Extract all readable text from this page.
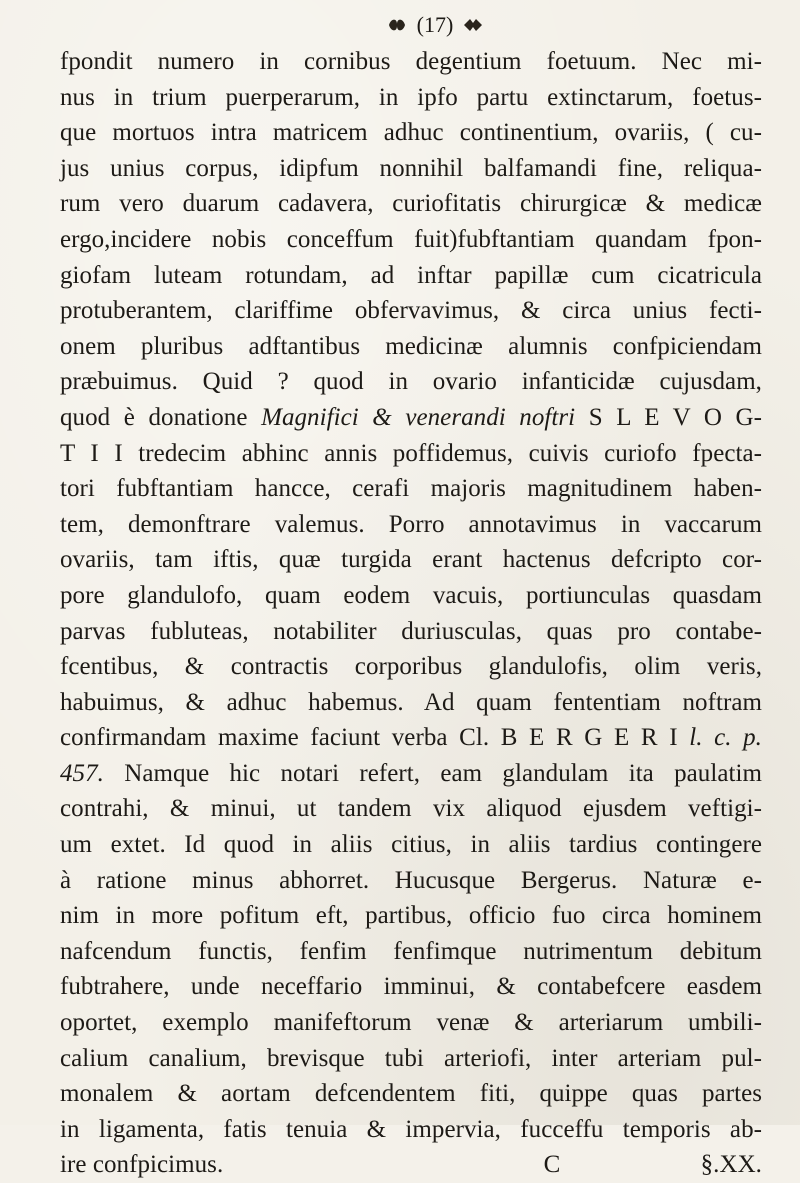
(17)
fpondit numero in cornibus degentium foetuum. Nec mi-
nus in trium puerperarum, in ipfo partu extinctarum, foetus-
que mortuos intra matricem adhuc continentium, ovariis, ( cu-
jus unius corpus, idipfum nonnihil balfamandi fine, reliqua-
rum vero duarum cadavera, curiofitatis chirurgicæ & medicæ
ergo,incidere nobis conceffum fuit)fubftantiam quandam fpon-
giofam luteam rotundam, ad inftar papillæ cum cicatricula
protuberantem, clariffime obfervavimus, & circa unius fecti-
onem pluribus adftantibus medicinæ alumnis confpiciendam
præbuimus. Quid ? quod in ovario infanticidæ cujusdam,
quod è donatione Magnifici & venerandi noftri S L E V O G-
T I I tredecim abhinc annis poffidemus, cuivis curiofo fpecta-
tori fubftantiam hancce, cerafi majoris magnitudinem haben-
tem, demonftrare valemus. Porro annotavimus in vaccarum
ovariis, tam iftis, quæ turgida erant hactenus defcripto cor-
pore glandulofo, quam eodem vacuis, portiunculas quasdam
parvas fubluteas, notabiliter duriusculas, quas pro contabe-
fcentibus, & contractis corporibus glandulofis, olim veris,
habuimus, & adhuc habemus. Ad quam fententiam noftram
confirmandam maxime faciunt verba Cl. B E R G E R I l. c. p.
457. Namque hic notari refert, eam glandulam ita paulatim
contrahi, & minui, ut tandem vix aliquod ejusdem veftigi-
um extet. Id quod in aliis citius, in aliis tardius contingere
à ratione minus abhorret. Hucusque Bergerus. Naturæ e-
nim in more pofitum eft, partibus, officio fuo circa hominem
nafcendum functis, fenfim fenfimque nutrimentum debitum
fubtrahere, unde neceffario imminui, & contabefcere easdem
oportet, exemplo manifeftorum venæ & arteriarum umbili-
calium canalium, brevisque tubi arteriofi, inter arteriam pul-
monalem & aortam defcendentem fiti, quippe quas partes
in ligamenta, fatis tenuia & impervia, fucceffu temporis ab-
ire confpicimus.	C	§.XX.
